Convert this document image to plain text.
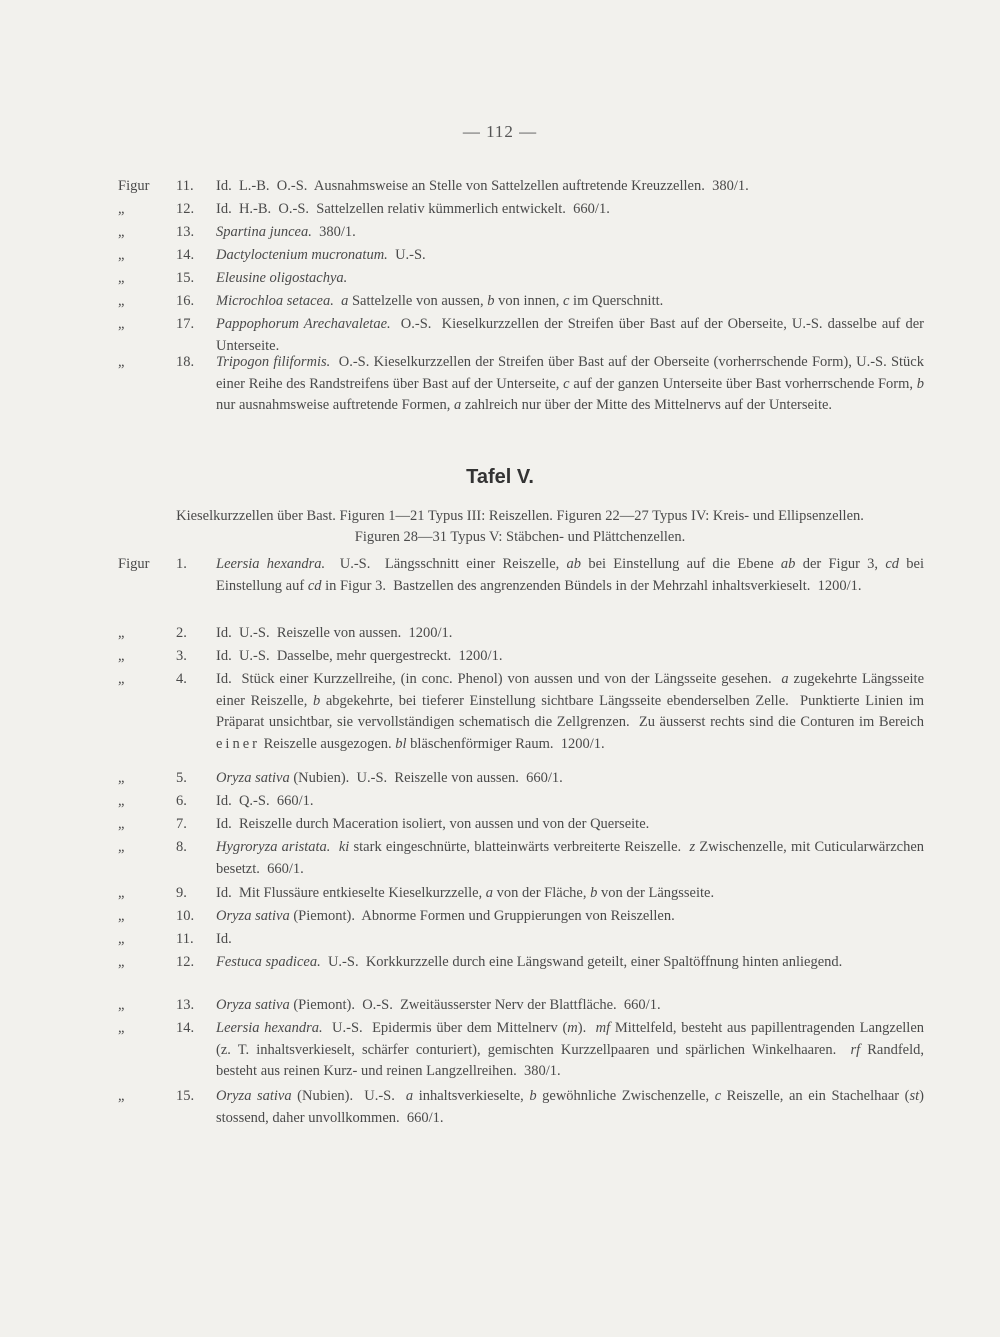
— 112 —
Figur	11.	Id.  L.-B.  O.-S.  Ausnahmsweise an Stelle von Sattelzellen auftretende Kreuzzellen.  380/1.
„	12.	Id.  H.-B.  O.-S.  Sattelzellen relativ kümmerlich entwickelt.  660/1.
„	13.	Spartina juncea.  380/1.
„	14.	Dactyloctenium mucronatum.  U.-S.
„	15.	Eleusine oligostachya.
„	16.	Microchloa setacea. a Sattelzelle von aussen, b von innen, c im Querschnitt.
„	17.	Pappophorum Arechavaletae.  O.-S.  Kieselkurzzellen der Streifen über Bast auf der Oberseite, U.-S. dasselbe auf der Unterseite.
„	18.	Tripogon filiformis.  O.-S. Kieselkurzzellen der Streifen über Bast auf der Oberseite (vorherrschende Form), U.-S. Stück einer Reihe des Randstreifens über Bast auf der Unterseite, c auf der ganzen Unterseite über Bast vorherrschende Form, b nur ausnahmsweise auftretende Formen, a zahlreich nur über der Mitte des Mittelnervs auf der Unterseite.
Tafel V.
Kieselkurzzellen über Bast. Figuren 1—21 Typus III: Reiszellen. Figuren 22—27 Typus IV: Kreis- und Ellipsenzellen.
Figuren 28—31 Typus V: Stäbchen- und Plättchenzellen.
Figur	1.	Leersia hexandra.  U.-S.  Längsschnitt einer Reiszelle, ab bei Einstellung auf die Ebene ab der Figur 3, cd bei Einstellung auf cd in Figur 3.  Bastzellen des angrenzenden Bündels in der Mehrzahl inhaltsverkieselt.  1200/1.
„	2.	Id.  U.-S.  Reiszelle von aussen.  1200/1.
„	3.	Id.  U.-S.  Dasselbe, mehr quergestreckt.  1200/1.
„	4.	Id.  Stück einer Kurzzellreihe, (in conc. Phenol) von aussen und von der Längsseite gesehen.  a zugekehrte Längsseite einer Reiszelle, b abgekehrte, bei tieferer Einstellung sichtbare Längsseite ebenderselben Zelle.  Punktierte Linien im Präparat unsichtbar, sie vervollständigen schematisch die Zellgrenzen.  Zu äusserst rechts sind die Conturen im Bereich einer Reiszelle ausgezogen. bl bläschenförmiger Raum.  1200/1.
„	5.	Oryza sativa (Nubien).  U.-S.  Reiszelle von aussen.  660/1.
„	6.	Id.  Q.-S.  660/1.
„	7.	Id.  Reiszelle durch Maceration isoliert, von aussen und von der Querseite.
„	8.	Hygroryza aristata. ki stark eingeschnürte, blatteinwärts verbreiterte Reiszelle.  z Zwischenzelle, mit Cuticularwärzchen besetzt.  660/1.
„	9.	Id.  Mit Flussäure entkieselte Kieselkurzzelle, a von der Fläche, b von der Längsseite.
„	10.	Oryza sativa (Piemont).  Abnorme Formen und Gruppierungen von Reiszellen.
„	11.	Id.
„	12.	Festuca spadicea.  U.-S.  Korkkurzzelle durch eine Längswand geteilt, einer Spaltöffnung hinten anliegend.
„	13.	Oryza sativa (Piemont).  O.-S.  Zweitäusserster Nerv der Blattfläche.  660/1.
„	14.	Leersia hexandra.  U.-S.  Epidermis über dem Mittelnerv (m).  mf Mittelfeld, besteht aus papillentragenden Langzellen (z. T. inhaltsverkieselt, schärfer conturiert), gemischten Kurzzellpaaren und spärlichen Winkelhaaren.  rf Randfeld, besteht aus reinen Kurz- und reinen Langzellreihen.  380/1.
„	15.	Oryza sativa (Nubien).  U.-S.  a inhaltsverkieselte, b gewöhnliche Zwischenzelle, c Reiszelle, an ein Stachelhaar (st) stossend, daher unvollkommen.  660/1.
